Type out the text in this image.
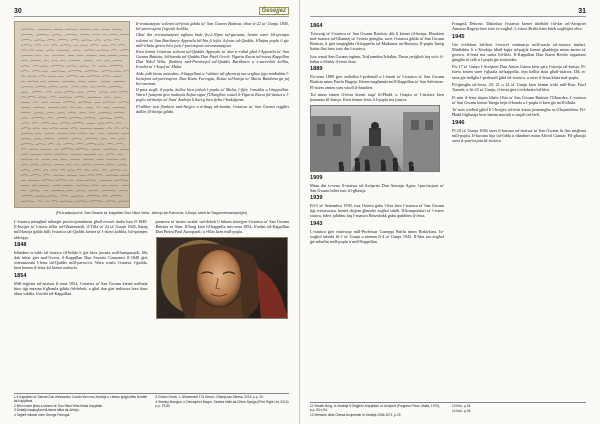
30	Ġesejjeż

It-tranżazzjoni solenni tal-festa ġdida ta' San Ġwann Battista, nhar it-22 ta' Gunju 1845, bil-proċessjoni f'ugwali kobbla.

Għal din it-tranżazzjoni ngħata bidu fis-2.30pm tal-ġurnata, hemm saret bil-qrempa solenni ta' San Bartilmew Appostlu bil-ħin fi lejlet il-festa tal-Qaddis, b'ħafna poplu li ġie mill-irħula ġirien biex jara l-purċissjoni tat-tranżazzjoni.

Kien hemm l-istatwa solenni tal-Qaddis Appostlu ta' dan ir-raħal għal l-Appostlu ta' San Ġwann Battista, bil-banda tal-Qaddis Dun Pawl Grech, Vigariu Kurat tal-istess Kappillan Dun Nikol Vella, flimkien mal-Provinċjal tal-Qaddis Bartilmew u s-saċerdoti kollha, b'ordni ta' l-Isqof ta' Malta.

Ankе jekk kienu mistedna, il-kappillani u l-abbati tal-għenieqi ma setgħux jiġu minħabba l-kwistjoni tal-purċissjoni. Dun Karm Farrugia, Rettur tal-knisja ta' Maria Bambina ġa jaf bis-surmast.

Il-pass tregħ, il-poplu, kollox kien jixbah l-poplu ta' Malta, l-fifer, l-mużika u l-kappellan. Wara l-funzjoni ġew imdawla ħafna siġar f'Għargħur, wasal il-Vigariu Kurat fid-duniet u l-poplu tal-knisja ta' Sant' Andrija li ħareġ biex jieħu l-Indulġenzi.

Fl-aħħar nett flimkien mal-ħsejjes u d-daqq tal-banda, l-istatwa ta' San Ġwann reġgħet daħlet fil-knisja ġdida.

(Fit-tradizzjoni ta' San Ġwann ta' Kappillan Dun Nikol Vella - Arkivju tal-Parroċċa; il-Kurja, ktieb ta' Rappreżentazzjonijiet)

L-istatwa mbagħad inħarġet proċessjonalment għall-ewwel darba lura fl-1848. Il-ħsejjes ta' l-istess tifħir tal-Għammiedi, il-Tifla ta' 24 ta' Gunju 1845, ħareġ mill-knisja ġdida billi l-istatwa tal-Qaddis kienet ta' l-istess kobbla, bil-qniepen iddoqqu.

1848

Inħadem is-salib tal-istatwa fil-ħdida li ġie biex jintuża mill-kampanjoli. Ma dak inhar ġiet mal-Gvern, il-Kappillan Dun Saverio Cannataci fl-1848 ġiet solennizzata l-festa tal-Qaddis mill-parroċċa. Wara waslu l-istatwi l-ġodda, kien hemm il-festa kif kienet mdawla.

1854

Mill-reġistru tal-istatwa fl-sena 1854, l-istatwa ta' San Ġwann kienet meħuda biex tiġi mżejna b'għamla ġdida fid-deheb, u għal dan ġiet imkissra biex tkun aktar sabiħa, b'ordni tal-Kappillan.

permezz ta' tmien swaba' tad-deheb li bihom tiżżejjen l-istatwa ta' San Ġwann Battista sa llum. Il-ħruġ kien fil-kappella mis-sena 1854, b'ordni tal-Kappillan Dun Pietru Paul Azzopardi, u l-ħlas kien mill-poplu.

1 Il-Kappillan ta' Sannat Dun Alessandro Cauchi kien mis-Xewkija u l-istess ġrajja kitbu fil-ktieb tal-Kappillani.
2 Minn hawn jibda s-sehem ta' Dun Nikol Vella bħala Kappillan.
3 Dettalji maqtugħa mill-istess kitba tal-Arkivju.
4 Taghrif miksub minn George Farrugia.
5 Grazio Grech, L-Għammiedi 175 Sena L-Għanja tas-Sliema, 2015, p.p. 20.
6 Stanley Mangion u Christopher Magro, Studies Malti tal-Għula Sprejja (Print Right Ltd, 2014) p.p. 79-80
31
1864

Ttewwiġ ta' l-istatwa ta' San Ġwann Battista, dik li kienet fil-knisja. Flimkien mal-istatwa tal-Għannej ta' l-istess ġemgħa, saret l-istatwa ġdida ta' San Ġwann Battista, li ġiet imqiegħda fil-kappella tal-Madonna tar-Rużarju. Il-poplu ħareġ ħafna flus biex issir din l-istatwa.

Issa wasal San Ġwann taghna, Trid tamdun ħ-baħar, Dawn jerfgħuh fuq wiċċ il-baħar u b'hekk il-festa tkun.

1889

Fis-sena 1889 ġew imħallsa l-pedestall u l-fanali ta' l-istatwa ta' San Ġwann Battista minn Pawlu Bugeja. Kienu magħmula mill-Kappillan ta' San Salvatore. Fl-istess żmien saru wkoll il-bandieri.

Tul minn żmien il-festa kienet taqa' fil-Ħadd, u l-kaptu ta' l-istatwa kien jinżamm fil-knisja. Kien hemm festa li l-poplu ma jinsiex.

1909

Minn din is-sena fl-istatwa tal-Arċipriet Dun Antonju Agius l-purċissjoni ta' San Ġwann bdiet issir fil-għaxija.

1939

Fil-5 ta' Settembru 1939, issa l-kienu ġabu l-flus biex l-istatwa ta' San Ġwann tiġi rrestawrata, kienet dejjem għamlet xogħol sabiħ. Il-kompożituri ta' l-istess statwa, bdew jaħdmu fuq l-istatwa Hawnhekk ġabu quddiem il-festa.

1943

L-istatwa ġiet imżewqa mill-Professur Guzeppi Briffa minn Birkirkara. Ix-xogħol inbeda fil-1 ta' Gunju u ntemm fl-4 ta' Gunju 1943. Il-ħlas tax-xogħol ġie mħallas mill-poplu u mill-Kappillan.

Frangisk Debono. Dakinhar l-istatwa kienet ittieħdet fid-dar tal-Arċipriet Antonio Bugeja biex issir ix-xogħol. L-istess Briffa kien kiteb xogħlijiet oħra.

1945

Ġie ċċelebrat bil-kbir l-ewwel ċentinarju mill-wasla tal-istatwa titulari. Minħabba li x-Xewkija bħall-bqija tal-pajjiż kienet għaddejja minn żmien ta' gwerra, il-festa ma saritx bil-kbir. Il-Kappillan Dun Karm Refalo organizza ġimgħa ta' talb u l-poplu ġie mistieden.

Fis-17 ta' Gunju l-Arċipriet Dun Anton Grima kien qara l-istorja tal-knisja. Fl-istess żmien saret l-għażla tal-kappella, fejn kellha tkun għall-istatwa. Dik is-sena ġie ttellgħa l-pedestall ġdid tal-istatwa, u saret il-festa kbira mal-poplu.

Fil-ġimgħa tal-festa, 20, 21 u 22 ta' Gunju kien hemm tridu mill-Kan. Pawl Xuereb, u fit-23 ta' Gunju, il-festa ġiet iċċelebrata bil-kbir.

Fi min il-festa titqies bħala l-ħin ta' San Ġwann Battista f'Għawdex. L-istatwa ta' San Ġwann kienet ħierġa bejn il-banda u l-poplu li kien ġie mill-irħula.

Ta' min wieħed jgħid li l-ħsejjes tal-festi kienu jinstemgħu sa Għajnsielem. Fil-Ħadd filgħaxija kien hemm murtali u sinjali tal-ferħ.

1946

Fl-10 ta' Gunju 1946 saret il-kuruna tal-istatwa ta' San Ġwann bi flus miġbura mill-poplu. Il-kuruna hija tal-fidda u nħadmet minn Alfred Ciantar. Fil-għaxija saret il-purċissjoni bl-istatwa.

11 Serafin Borg, Ix-Xewkija fi Ġrajjiet il-Kappillani u l-Arċipriet (Progress Press, Malta, 1979), p.p. 53 e 54.
12 Memorie della Chiesa Arcipretale di Xewkija 1906-1971, p.22.
13 Ibid., p.24.
14 Ibid., p.25.
